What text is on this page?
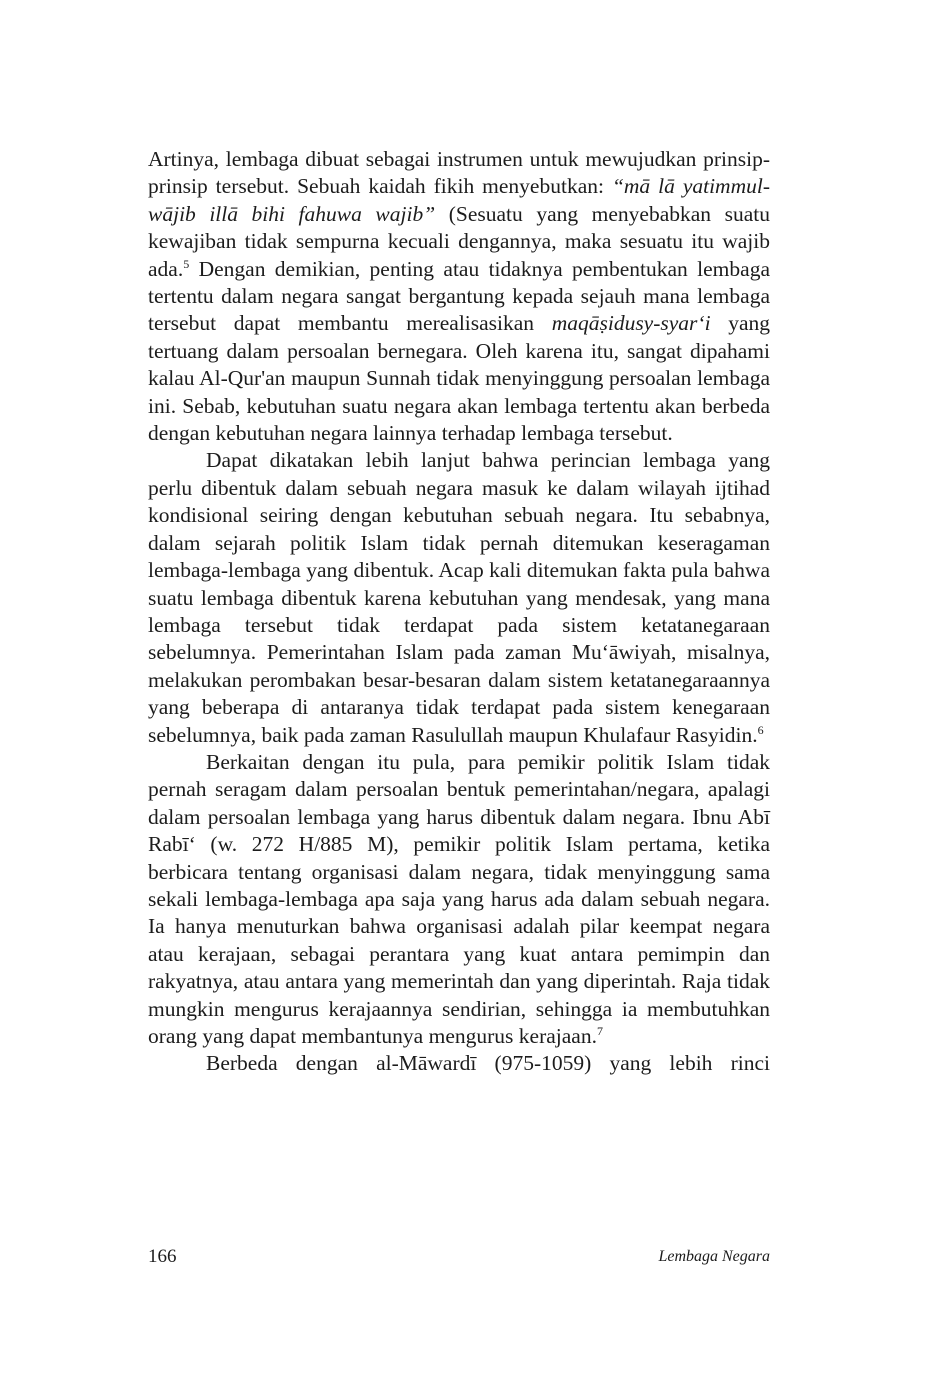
Artinya, lembaga dibuat sebagai instrumen untuk mewujudkan prinsip-prinsip tersebut. Sebuah kaidah fikih menyebutkan: “mā lā yatimmul-wājib illā bihi fahuwa wajib” (Sesuatu yang menyebabkan suatu kewajiban tidak sempurna kecuali dengannya, maka sesuatu itu wajib ada.$^5$ Dengan demikian, penting atau tidaknya pembentukan lembaga tertentu dalam negara sangat bergantung kepada sejauh mana lembaga tersebut dapat membantu merealisasikan maqāṣidusy-syar‘i yang tertuang dalam persoalan bernegara. Oleh karena itu, sangat dipahami kalau Al-Qur'an maupun Sunnah tidak menyinggung persoalan lembaga ini. Sebab, kebutuhan suatu negara akan lembaga tertentu akan berbeda dengan kebutuhan negara lainnya terhadap lembaga tersebut.

Dapat dikatakan lebih lanjut bahwa perincian lembaga yang perlu dibentuk dalam sebuah negara masuk ke dalam wilayah ijtihad kondisional seiring dengan kebutuhan sebuah negara. Itu sebabnya, dalam sejarah politik Islam tidak pernah ditemukan keseragaman lembaga-lembaga yang dibentuk. Acap kali ditemukan fakta pula bahwa suatu lembaga dibentuk karena kebutuhan yang mendesak, yang mana lembaga tersebut tidak terdapat pada sistem ketatanegaraan sebelumnya. Pemerintahan Islam pada zaman Mu‘āwiyah, misalnya, melakukan perombakan besar-besaran dalam sistem ketatanegaraannya yang beberapa di antaranya tidak terdapat pada sistem kenegaraan sebelumnya, baik pada zaman Rasulullah maupun Khulafaur Rasyidin.$^6$

Berkaitan dengan itu pula, para pemikir politik Islam tidak pernah seragam dalam persoalan bentuk pemerintahan/negara, apalagi dalam persoalan lembaga yang harus dibentuk dalam negara. Ibnu Abī Rabī‘ (w. 272 H/885 M), pemikir politik Islam pertama, ketika berbicara tentang organisasi dalam negara, tidak menyinggung sama sekali lembaga-lembaga apa saja yang harus ada dalam sebuah negara. Ia hanya menuturkan bahwa organisasi adalah pilar keempat negara atau kerajaan, sebagai perantara yang kuat antara pemimpin dan rakyatnya, atau antara yang memerintah dan yang diperintah. Raja tidak mungkin mengurus kerajaannya sendirian, sehingga ia membutuhkan orang yang dapat membantunya mengurus kerajaan.$^7$

Berbeda dengan al-Māwardī (975-1059) yang lebih rinci

166	Lembaga Negara
